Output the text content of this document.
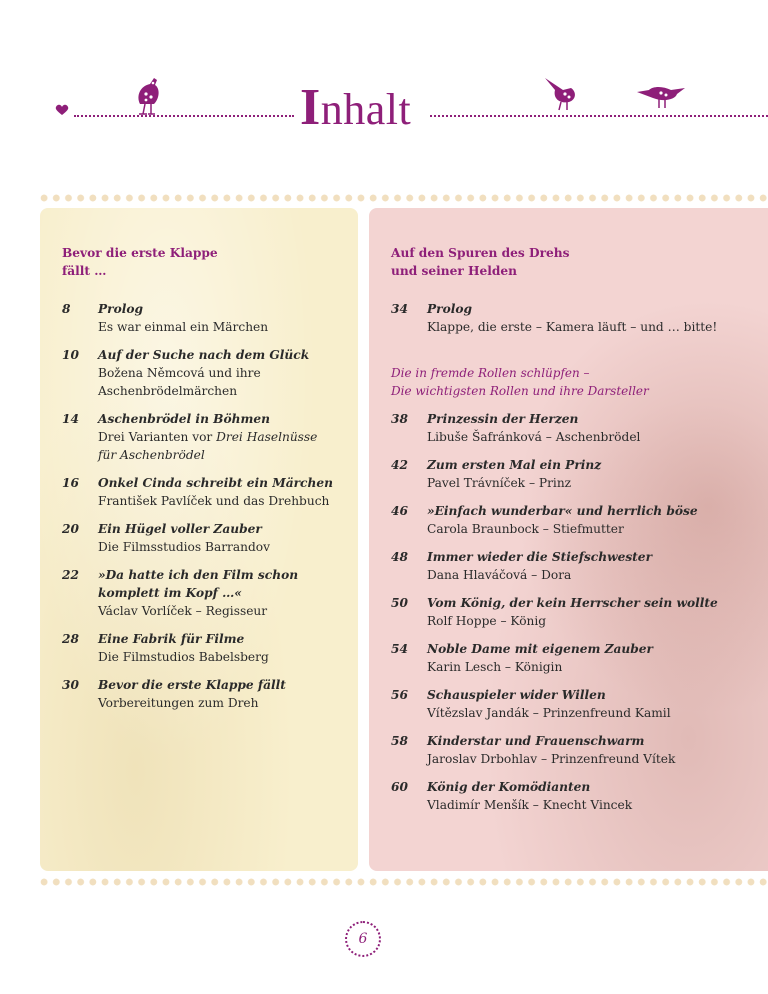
Inhalt
Bevor die erste Klappe
fällt …
8 Prolog
Es war einmal ein Märchen
10 Auf der Suche nach dem Glück
Božena Němcová und ihre
Aschenbrödelmärchen
14 Aschenbrödel in Böhmen
Drei Varianten vor Drei Haselnüsse
für Aschenbrödel
16 Onkel Cinda schreibt ein Märchen
František Pavlíček und das Drehbuch
20 Ein Hügel voller Zauber
Die Filmsstudios Barrandov
22 »Da hatte ich den Film schon
komplett im Kopf …«
Václav Vorlíček – Regisseur
28 Eine Fabrik für Filme
Die Filmstudios Babelsberg
30 Bevor die erste Klappe fällt
Vorbereitungen zum Dreh
Auf den Spuren des Drehs
und seiner Helden
34 Prolog
Klappe, die erste – Kamera läuft – und … bitte!
Die in fremde Rollen schlüpfen –
Die wichtigsten Rollen und ihre Darsteller
38 Prinzessin der Herzen
Libuše Šafránková – Aschenbrödel
42 Zum ersten Mal ein Prinz
Pavel Trávníček – Prinz
46 »Einfach wunderbar« und herrlich böse
Carola Braunbock – Stiefmutter
48 Immer wieder die Stiefschwester
Dana Hlaváčová – Dora
50 Vom König, der kein Herrscher sein wollte
Rolf Hoppe – König
54 Noble Dame mit eigenem Zauber
Karin Lesch – Königin
56 Schauspieler wider Willen
Vítězslav Jandák – Prinzenfreund Kamil
58 Kinderstar und Frauenschwarm
Jaroslav Drbohlav – Prinzenfreund Vítek
60 König der Komödianten
Vladimír Menšík – Knecht Vincek
6
